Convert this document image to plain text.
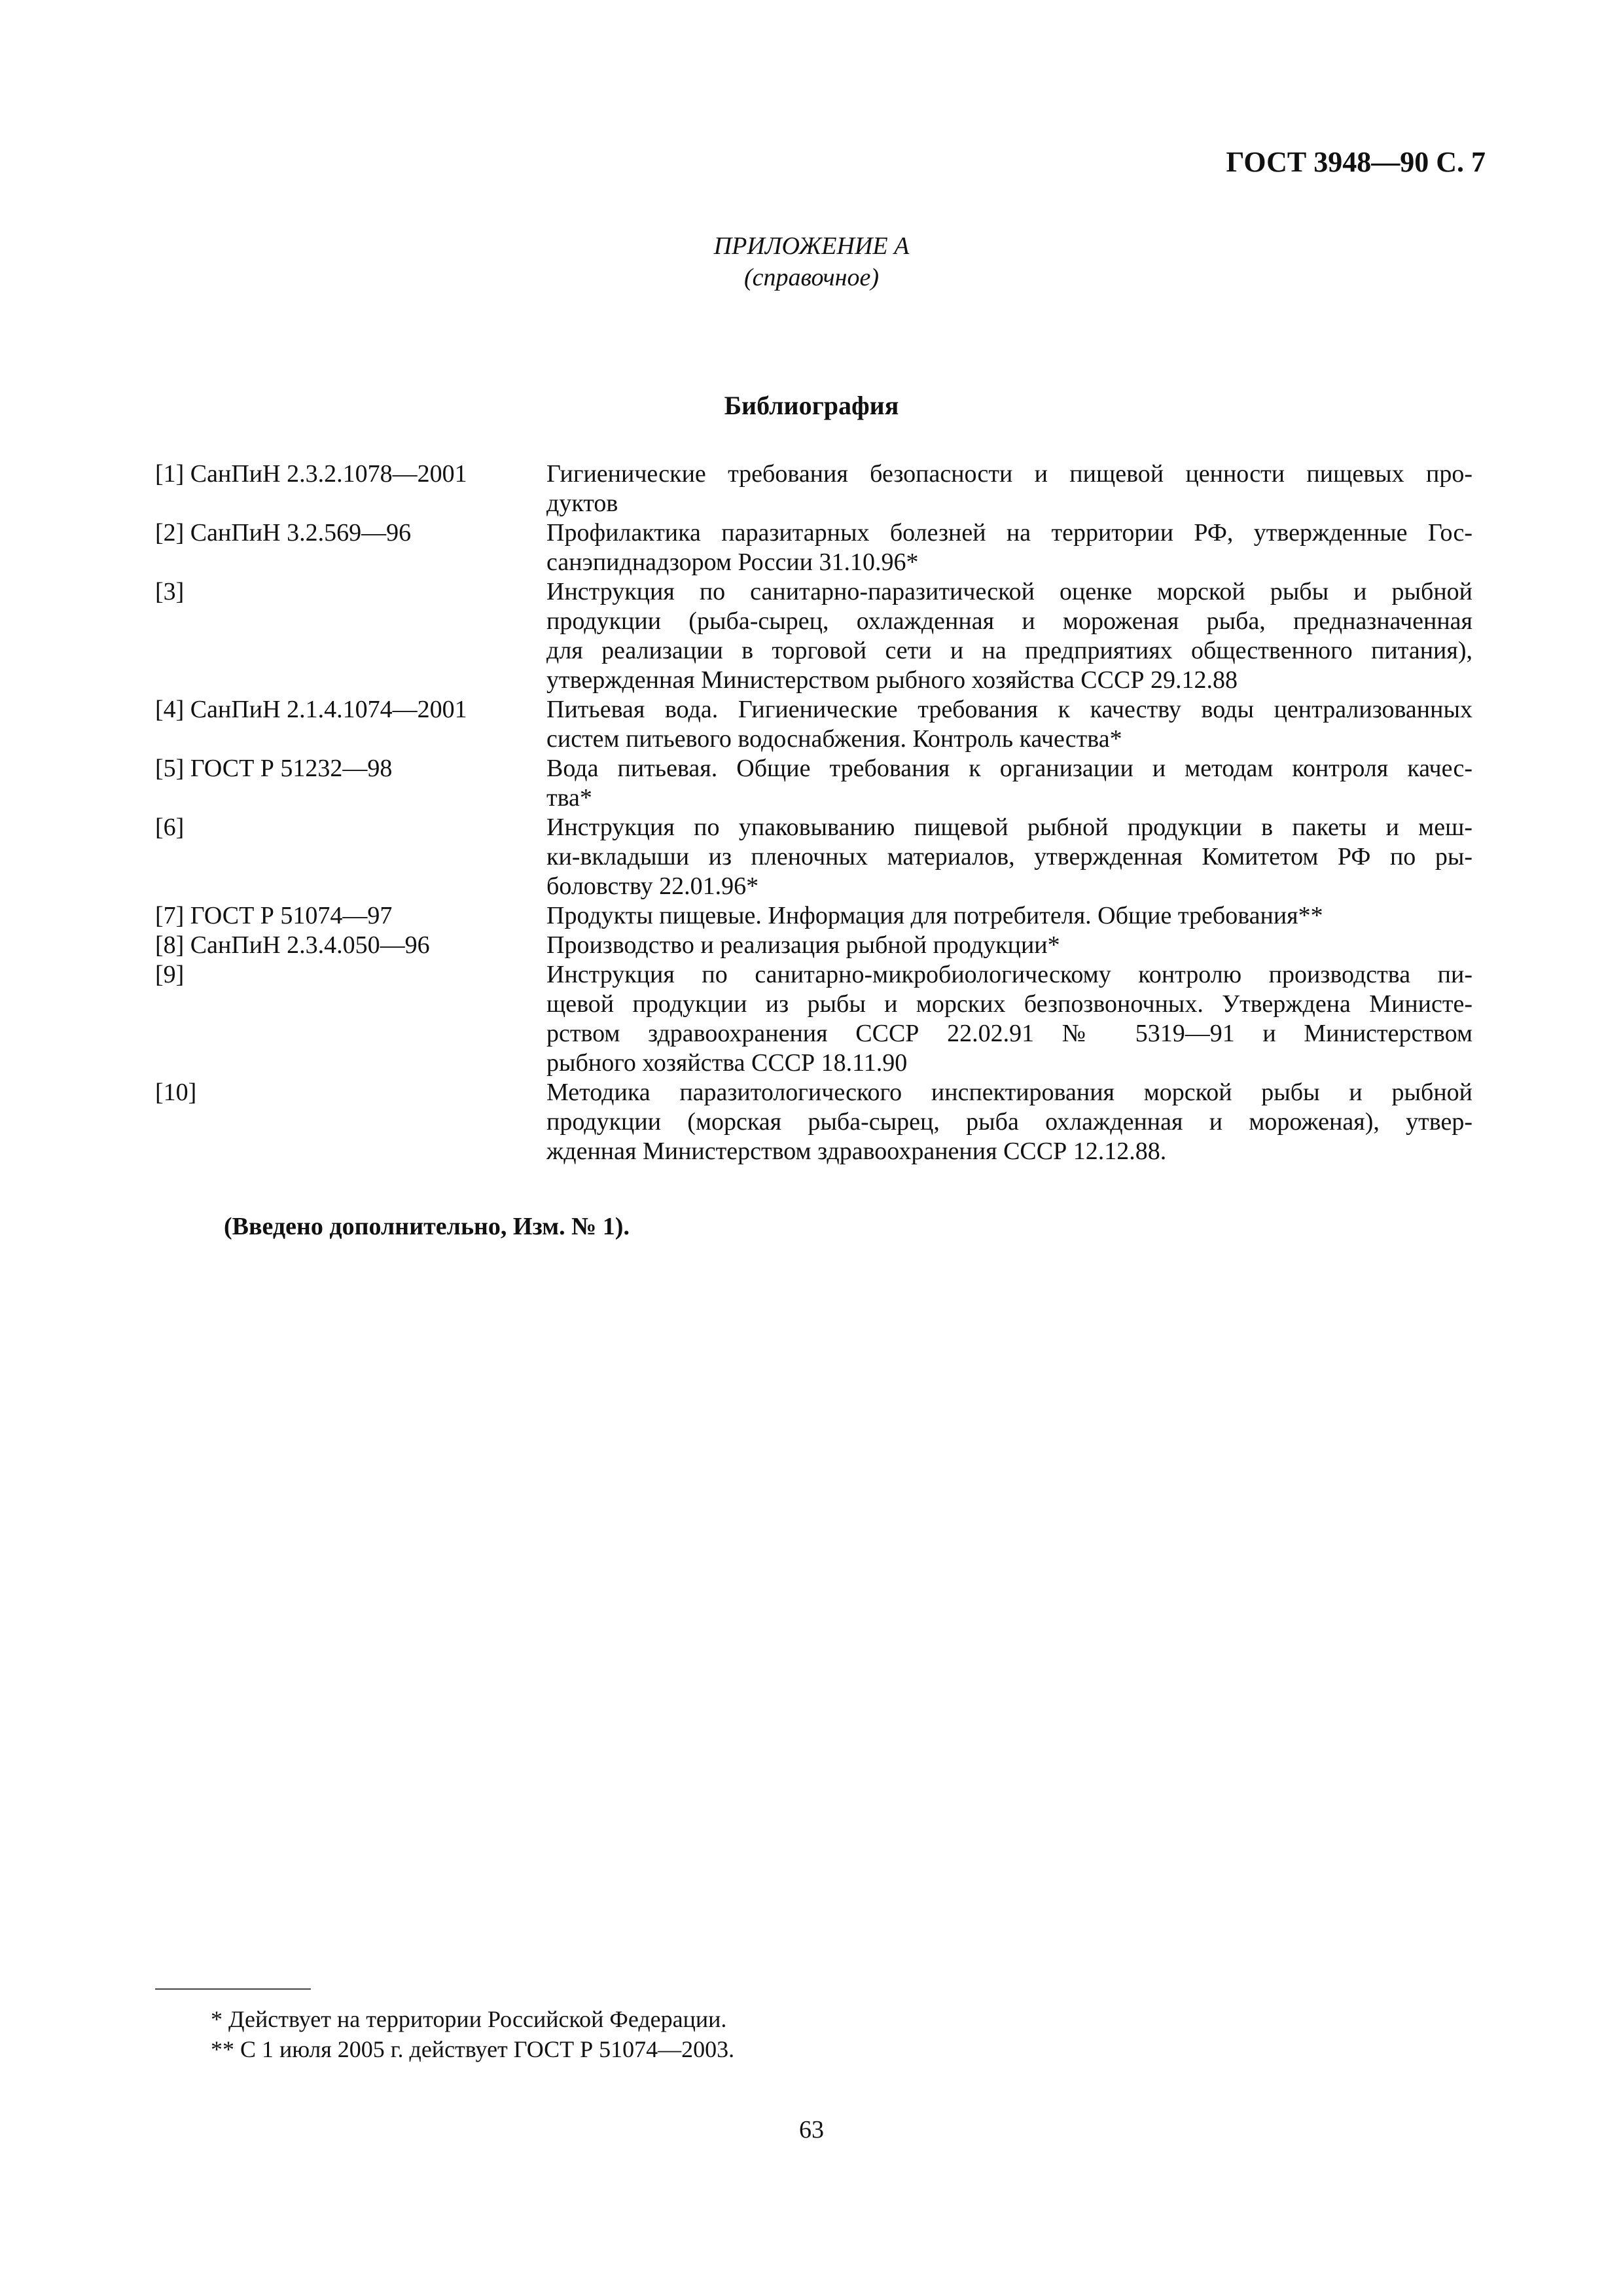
ГОСТ 3948—90 С. 7
ПРИЛОЖЕНИЕ А
(справочное)
Библиография
[1] СанПиН 2.3.2.1078—2001	Гигиенические требования безопасности и пищевой ценности пищевых про-
дуктов
[2] СанПиН 3.2.569—96	Профилактика паразитарных болезней на территории РФ, утвержденные Гос-
санэпиднадзором России 31.10.96*
[3]	Инструкция по санитарно-паразитической оценке морской рыбы и рыбной
продукции (рыба-сырец, охлажденная и мороженая рыба, предназначенная
для реализации в торговой сети и на предприятиях общественного питания),
утвержденная Министерством рыбного хозяйства СССР 29.12.88
[4] СанПиН 2.1.4.1074—2001	Питьевая вода. Гигиенические требования к качеству воды централизованных
систем питьевого водоснабжения. Контроль качества*
[5] ГОСТ Р 51232—98	Вода питьевая. Общие требования к организации и методам контроля качес-
тва*
[6]	Инструкция по упаковыванию пищевой рыбной продукции в пакеты и меш-
ки-вкладыши из пленочных материалов, утвержденная Комитетом РФ по ры-
боловству 22.01.96*
[7] ГОСТ Р 51074—97	Продукты пищевые. Информация для потребителя. Общие требования**
[8] СанПиН 2.3.4.050—96	Производство и реализация рыбной продукции*
[9]	Инструкция по санитарно-микробиологическому контролю производства пи-
щевой продукции из рыбы и морских безпозвоночных. Утверждена Министе-
рством здравоохранения СССР 22.02.91 № 5319—91 и Министерством
рыбного хозяйства СССР 18.11.90
[10]	Методика паразитологического инспектирования морской рыбы и рыбной
продукции (морская рыба-сырец, рыба охлажденная и мороженая), утвер-
жденная Министерством здравоохранения СССР 12.12.88.
(Введено дополнительно, Изм. № 1).
* Действует на территории Российской Федерации.
** С 1 июля 2005 г. действует ГОСТ Р 51074—2003.
63
